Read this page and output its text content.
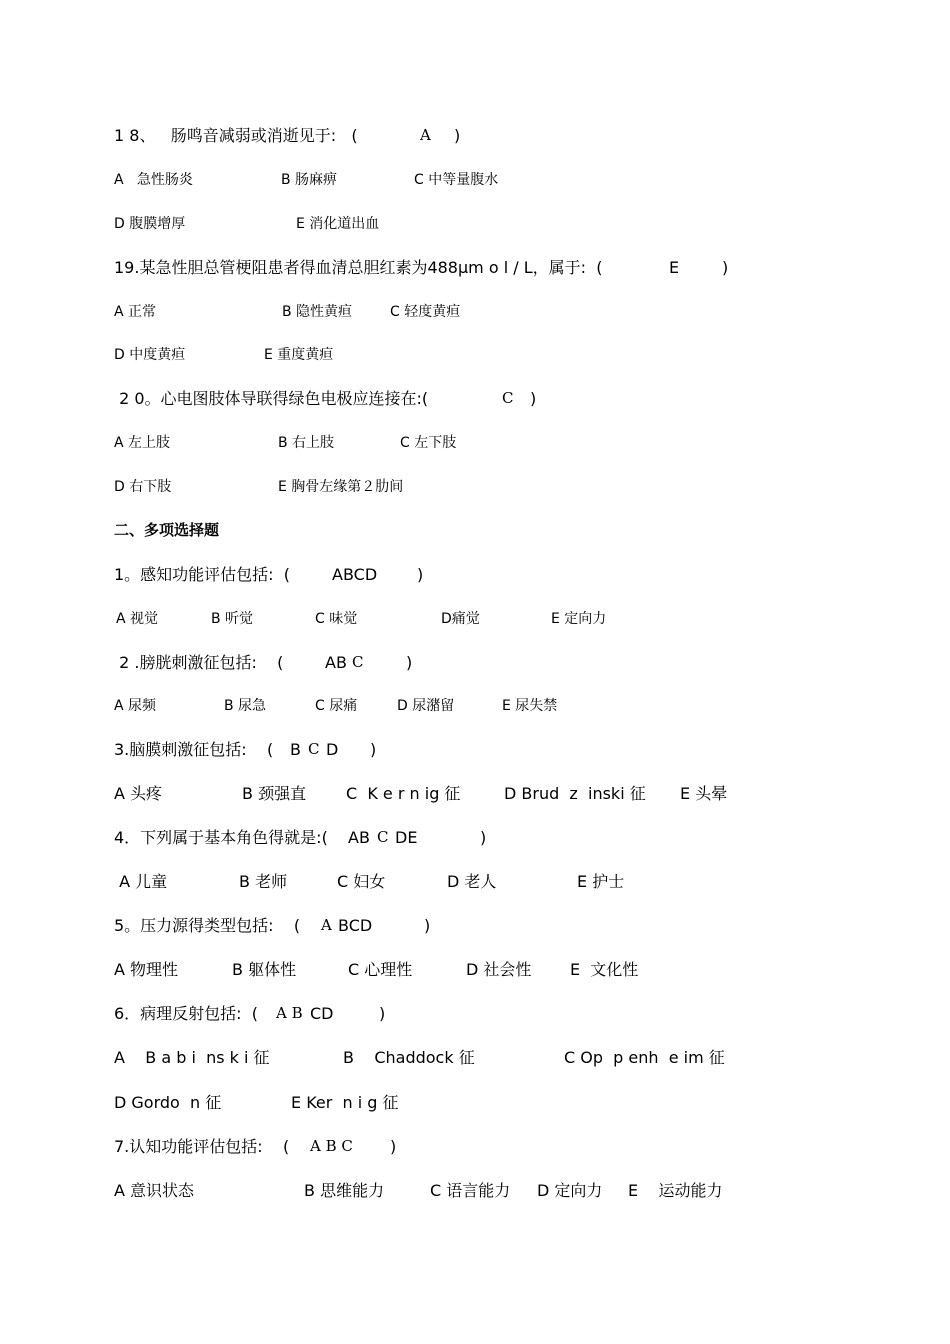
1 8、   肠鸣音减弱或消逝见于:   (

	A

)

A   急性肠炎

	B 肠麻痹

	C 中等量腹水

D 腹膜增厚

	E 消化道出血

19.某急性胆总管梗阻患者得血清总胆红素为488μm o l / L，属于:  (

	E

	)

A 正常

	B 隐性黄疸

	C 轻度黄疸

D 中度黄疸

	E 重度黄疸

2 0。心电图肢体导联得绿色电极应连接在:(

	C

)

A 左上肢

	B 右上肢

	C 左下肢

D 右下肢

	E 胸骨左缘第２肋间

二、多项选择题

1。感知功能评估包括:  (

	ABCD

)

A 视觉

	B 听觉

	C 味觉

	D痛觉

	E 定向力

2 .膀胱刺激征包括:    (

	AB

C

	)

A 尿频

	B 尿急

	C 尿痛

	D 尿潴留

	E 尿失禁

3.脑膜刺激征包括:    (

B

C

D

)

A 头疼

	B 颈强直

C  K e r n ig 征

	D Brud  z  inski 征

E 头晕

4．下列属于基本角色得就是:(

AB

C

DE

	)

A 儿童

	B 老师

	C 妇女

	D 老人

	E 护士

5。压力源得类型包括:    (

A

BCD

	)

A 物理性

	B 躯体性

	C 心理性

	D 社会性

E  文化性

6．病理反射包括:  (

A B

CD

	)

A    B a b i  ns k i 征

	B    Chaddock 征

	C Op  p enh  e im 征

D Gordo  n 征

	E Ker  n i g 征

7.认知功能评估包括:    (

A B C

)

A 意识状态

	B 思维能力

	C 语言能力

D 定向力

E    运动能力
